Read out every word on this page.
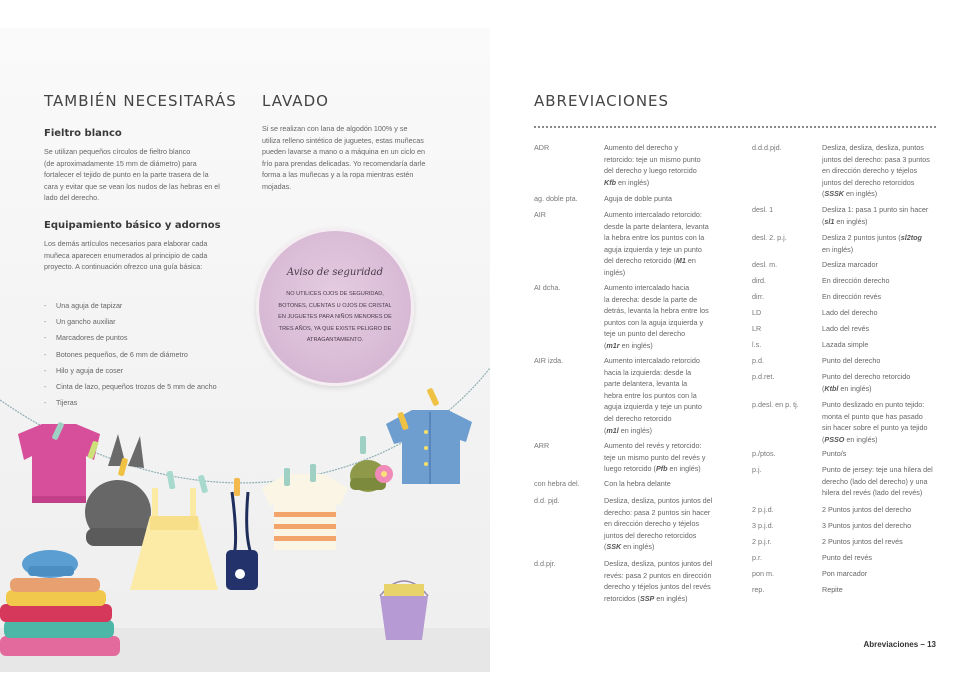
TAMBIÉN NECESITARÁS
Fieltro blanco
Se utilizan pequeños círculos de fieltro blanco
(de aproximadamente 15 mm de diámetro) para
fortalecer el tejido de punto en la parte trasera de la
cara y evitar que se vean los nudos de las hebras en el
lado del derecho.
Equipamiento básico y adornos
Los demás artículos necesarios para elaborar cada
muñeca aparecen enumerados al principio de cada
proyecto. A continuación ofrezco una guía básica:
-	Una aguja de tapizar
-	Un gancho auxiliar
-	Marcadores de puntos
-	Botones pequeños, de 6 mm de diámetro
-	Hilo y aguja de coser
-	Cinta de lazo, pequeños trozos de 5 mm de ancho
-	Tijeras
LAVADO
Si se realizan con lana de algodón 100% y se
utiliza relleno sintético de juguetes, estas muñecas
pueden lavarse a mano o a máquina en un ciclo en
frío para prendas delicadas. Yo recomendaría darle
forma a las muñecas y a la ropa mientras estén
mojadas.
Aviso de seguridad
NO UTILICES OJOS DE SEGURIDAD,
BOTONES, CUENTAS U OJOS DE CRISTAL
EN JUGUETES PARA NIÑOS MENORES DE
TRES AÑOS, YA QUE EXISTE PELIGRO DE
ATRAGANTAMIENTO.
ABREVIACIONES
ADR	Aumento del derecho y
retorcido: teje un mismo punto
del derecho y luego retorcido
Kfb en inglés)
ag. doble pta.	Aguja de doble punta
AIR	Aumento intercalado retorcido:
desde la parte delantera, levanta
la hebra entre los puntos con la
aguja izquierda y teje un punto
del derecho retorcido (M1 en
inglés)
AI dcha.	Aumento intercalado hacia
la derecha: desde la parte de
detrás, levanta la hebra entre los
puntos con la aguja izquierda y
teje un punto del derecho
(m1r en inglés)
AIR izda.	Aumento intercalado retorcido
hacia la izquierda: desde la
parte delantera, levanta la
hebra entre los puntos con la
aguja izquierda y teje un punto
del derecho retorcido
(m1l en inglés)
ARR	Aumento del revés y retorcido:
teje un mismo punto del revés y
luego retorcido (Pfb en inglés)
con hebra del.	Con la hebra delante
d.d. pjd.	Desliza, desliza, puntos juntos del
derecho: pasa 2 puntos sin hacer
en dirección derecho y téjelos
juntos del derecho retorcidos
(SSK en inglés)
d.d.pjr.	Desliza, desliza, puntos juntos del
revés: pasa 2 puntos en dirección
derecho y téjelos juntos del revés
retorcidos (SSP en inglés)
d.d.d.pjd.	Desliza, desliza, desliza, puntos
juntos del derecho: pasa 3 puntos
en dirección derecho y téjelos
juntos del derecho retorcidos
(SSSK en inglés)
desl. 1	Desliza 1: pasa 1 punto sin hacer
(sl1 en inglés)
desl. 2. p.j.	Desliza 2 puntos juntos (sl2tog
en inglés)
desl. m.	Desliza marcador
dird.	En dirección derecho
dirr.	En dirección revés
LD	Lado del derecho
LR	Lado del revés
l.s.	Lazada simple
p.d.	Punto del derecho
p.d.ret.	Punto del derecho retorcido
(Ktbl en inglés)
p.desl. en p. tj.	Punto deslizado en punto tejido:
monta el punto que has pasado
sin hacer sobre el punto ya tejido
(PSSO en inglés)
p./ptos.	Punto/s
p.j.	Punto de jersey: teje una hilera del
derecho (lado del derecho) y una
hilera del revés (lado del revés)
2 p.j.d.	2 Puntos juntos del derecho
3 p.j.d.	3 Puntos juntos del derecho
2 p.j.r.	2 Puntos juntos del revés
p.r.	Punto del revés
pon m.	Pon marcador
rep.	Repite
Abreviaciones – 13
